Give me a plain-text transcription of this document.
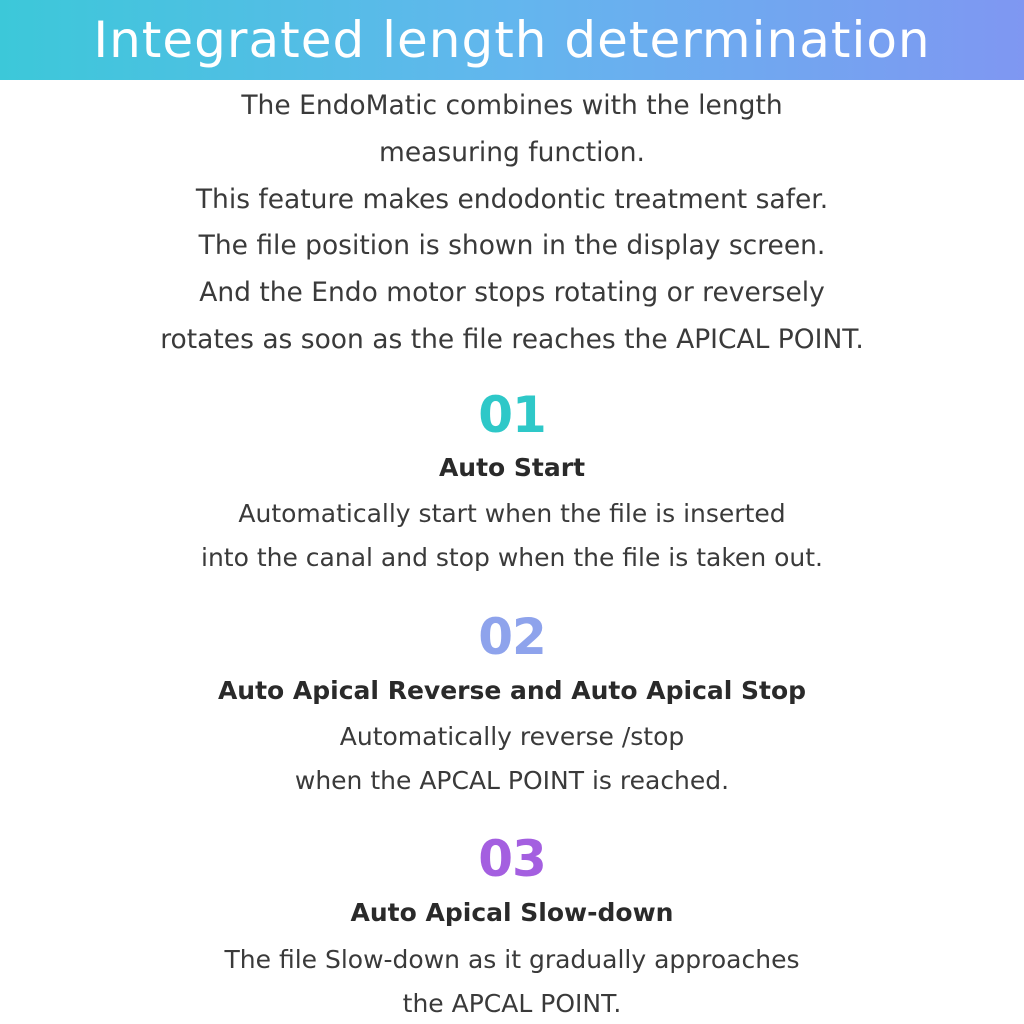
Integrated length determination
The EndoMatic combines with the length
measuring function.
This feature makes endodontic treatment safer.
The file position is shown in the display screen.
And the Endo motor stops rotating or reversely
rotates as soon as the file reaches the APICAL POINT.
01
Auto Start
Automatically start when the file is inserted
into the canal and stop when the file is taken out.
02
Auto Apical Reverse and Auto Apical Stop
Automatically reverse /stop
when the APCAL POINT is reached.
03
Auto Apical Slow-down
The file Slow-down as it gradually approaches
the APCAL POINT.
